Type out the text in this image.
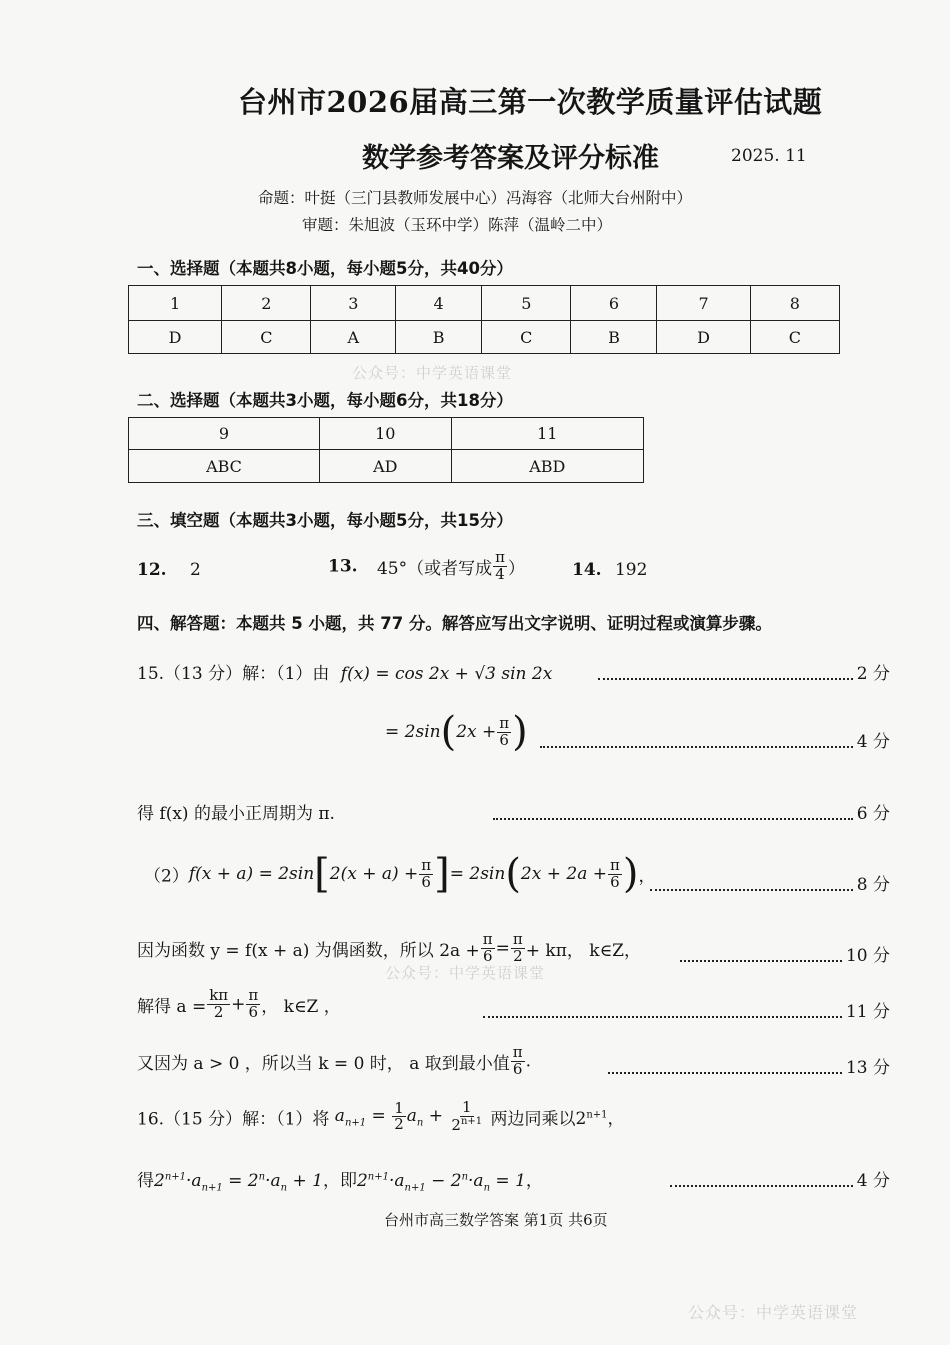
台州市2026届高三第一次教学质量评估试题
数学参考答案及评分标准	2025. 11
命题：叶挺（三门县教师发展中心）冯海容（北师大台州附中）
审题：朱旭波（玉环中学）陈萍（温岭二中）
一、选择题（本题共8小题，每小题5分，共40分）
1	2	3	4	5	6	7	8
D	C	A	B	C	B	D	C
公众号：中学英语课堂
二、选择题（本题共3小题，每小题6分，共18分）
9	10	11
ABC	AD	ABD
三、填空题（本题共3小题，每小题5分，共15分）
12. 2	13. 45°（或者写成 $\frac{\pi}{4}$ ）	14. 192
四、解答题：本题共 5 小题，共 77 分。解答应写出文字说明、证明过程或演算步骤。
15.（13 分）解：（1）由 f(x) = cos 2x + √3 sin 2x	2 分
= $2\sin(2x + \frac{\pi}{6}$ )	4 分
得 f(x) 的最小正周期为 π.	6 分
$(2)f(x + a) = 2\sin[2(x + a) + \frac{\pi}{6}$ ]= $2\sin(2x + 2a + \frac{\pi}{6}$ )，	8 分
因为函数 y = f(x + a) 为偶函数，所以 $2a + \frac{\pi}{6} = \frac{\pi}{2} + k\pi$， k∈Z，	10 分
公众号：中学英语课堂
解得 $a = \frac{k\pi}{2} + \frac{\pi}{6}$ ， k∈Z ，	11 分
又因为 a > 0 ，所以当 k = 0 时， a 取到最小值 $\frac{\pi}{6}$ .	13 分
16.（15 分）解：（1）将 $a_{n+1} = \frac{1}{2} a_n + \frac{1}{2^{n+1}}$ 两边同乘以$2^{n+1}$，
得$2^{n+1}\cdot a_{n+1} = 2^n\cdot a_n + 1$，即$2^{n+1}\cdot a_{n+1} - 2^n\cdot a_n = 1$，	4 分
台州市高三数学答案 第1页 共6页
公众号：中学英语课堂
